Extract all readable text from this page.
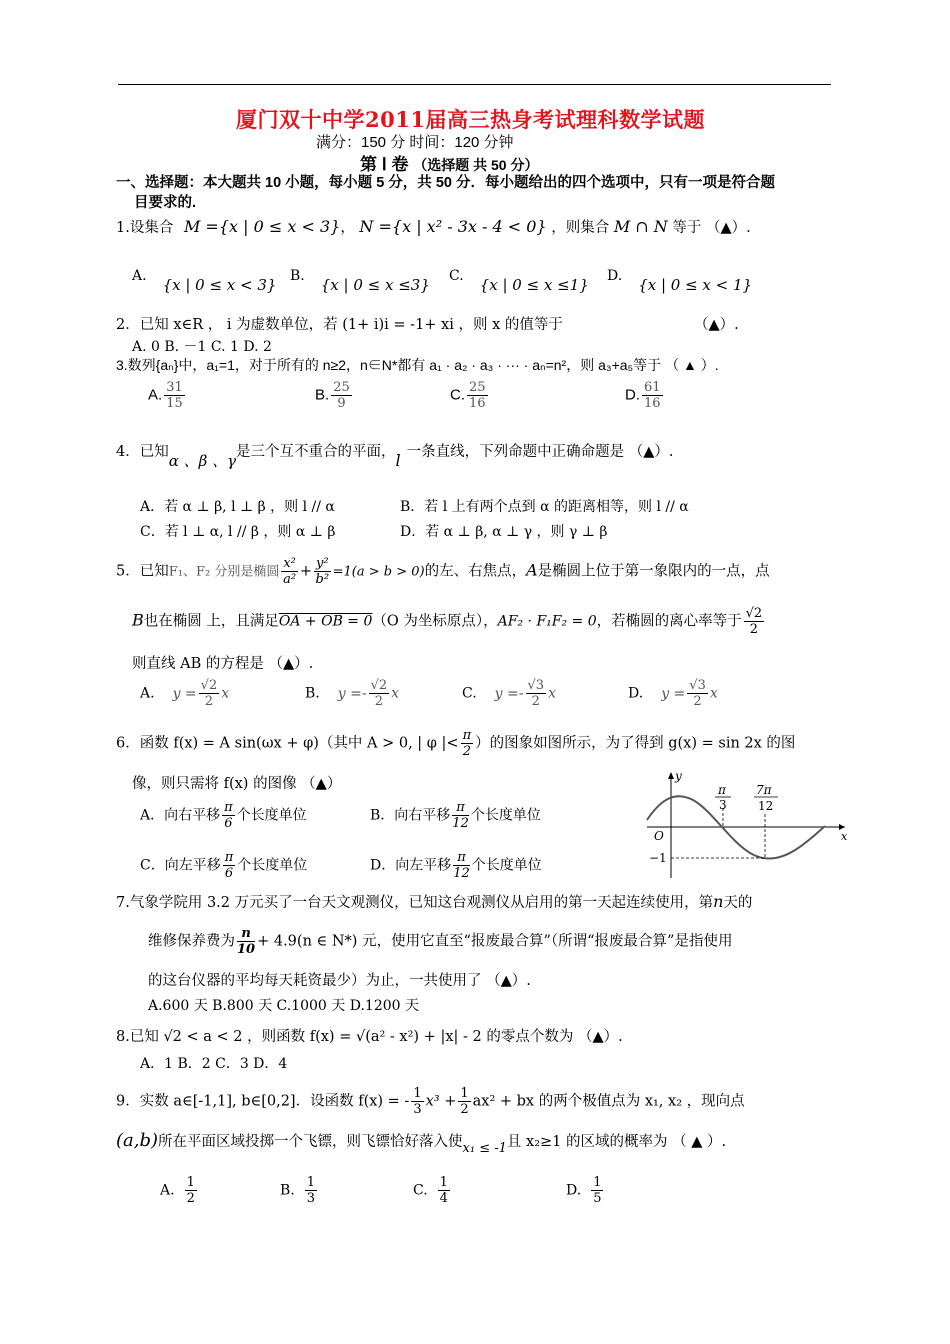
厦门双十中学2011届高三热身考试理科数学试题
满分：150 分 时间：120 分钟
第 Ⅰ 卷 （选择题 共 50 分）
一、选择题：本大题共 10 小题，每小题 5 分，共 50 分．每小题给出的四个选项中，只有一项是符合题
目要求的.
1.设集合 M ={x | 0 ≤ x < 3}， N ={x | x² - 3x - 4 < 0} ，则集合 M ∩ N 等于 （▲）.
A. {x | 0 ≤ x < 3} B. {x | 0 ≤ x ≤3} C. {x | 0 ≤ x ≤1} D. {x | 0 ≤ x < 1}
2．已知 x∈R ， i 为虚数单位，若 (1+ i)i = -1+ xi ，则 x 的值等于	（▲）.
A. 0 B. －1 C. 1 D. 2
3.数列{aₙ}中，a₁=1，对于所有的 n≥2，n∈N*都有 a₁ · a₂ · a₃ · ··· · aₙ=n²，则 a₃+a₅等于 （ ▲ ）.
A. $\frac{31}{15}$	B. $\frac{25}{9}$	C. $\frac{25}{16}$	D. $\frac{61}{16}$
4．已知α 、β 、γ是三个互不重合的平面，l 一条直线，下列命题中正确命题是 （▲）.
A．若 α ⊥ β, l ⊥ β ，则 l // α	B．若 l 上有两个点到 α 的距离相等，则 l // α
C．若 l ⊥ α, l // β ，则 α ⊥ β	D．若 α ⊥ β, α ⊥ γ ，则 γ ⊥ β
5．已知F₁、F₂ 分别是椭圆 $\frac{\text{x²}}{\text{a²}} + \frac{\text{y²}}{\text{b²}} =1(a > b > 0)$的左、右焦点，A是椭圆上位于第一象限内的一点，点
B也在椭圆 上，且满足OA + OB = 0（O 为坐标原点），AF₂ · F₁F₂ = 0，若椭圆的离心率等于 $\frac{√2}{2}$
则直线 AB 的方程是 （▲）.
A. $y = \frac{√2}{2}$ x	B. $y =- \frac{√2}{2}$ x	C. $y =- \frac{√3}{2}$ x	D. $y = \frac{√3}{2}$ x
6．函数 f(x) = A sin(ωx + φ)（其中 A > 0, | φ |< $\frac{\pi}{2}$ ）的图象如图所示，为了得到 g(x) = sin 2x 的图
像，则只需将 f(x) 的图像 （▲）
A．向右平移 $\frac{\pi}{6}$ 个长度单位	B．向右平移 $\frac{\pi}{12}$ 个长度单位
C．向左平移 $\frac{\pi}{6}$ 个长度单位	D．向左平移 $\frac{\pi}{12}$ 个长度单位
y
x
O
−1
π
3
7π
12
7.气象学院用 3.2 万元买了一台天文观测仪，已知这台观测仪从启用的第一天起连续使用，第n天的
维修保养费为 $\frac{n}{10} + 4.9(n$ ∈ N*) 元，使用它直至“报废最合算”（所谓“报废最合算”是指使用
的这台仪器的平均每天耗资最少）为止，一共使用了 （▲）.
A.600 天 B.800 天 C.1000 天 D.1200 天
8.已知 √2 < a < 2 ，则函数 f(x) = √(a² - x²) + |x| - 2 的零点个数为 （▲）.
A．1 B．2 C．3 D．4
9．实数 a∈[-1,1], b∈[0,2]．设函数 f(x) = - $\frac{1}{3} x^3 + \frac{1}{2} ax^2$ + bx 的两个极值点为 x₁, x₂ ，现向点
(a,b)所在平面区域投掷一个飞镖，则飞镖恰好落入使x₁ ≤ -1且 x₂≥1 的区域的概率为 （ ▲ ）.
A. $\frac{1}{2}$	B. $\frac{1}{3}$	C. $\frac{1}{4}$	D. $\frac{1}{5}$
